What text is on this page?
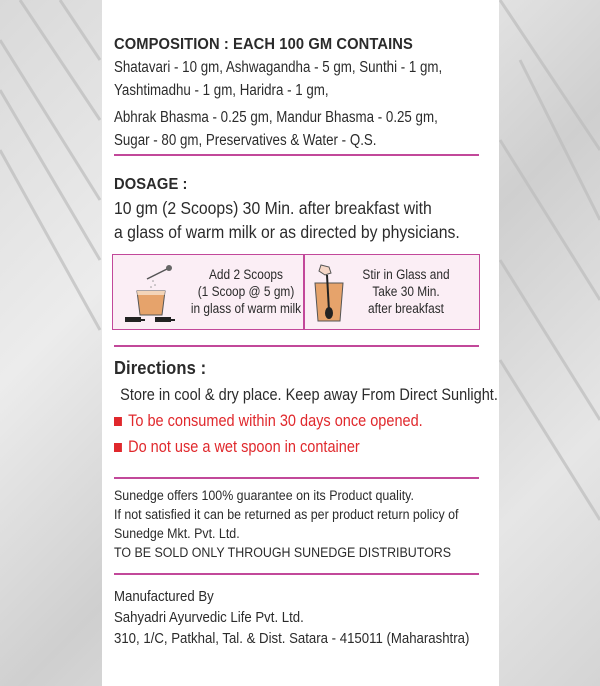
COMPOSITION : EACH 100 GM CONTAINS
Shatavari - 10 gm, Ashwagandha - 5 gm, Sunthi - 1 gm,
Yashtimadhu - 1 gm, Haridra - 1 gm,
Abhrak Bhasma - 0.25 gm, Mandur Bhasma - 0.25 gm,
Sugar - 80 gm, Preservatives & Water - Q.S.
DOSAGE :
10 gm (2 Scoops) 30 Min. after breakfast with
a glass of warm milk or as directed by physicians.
Add 2 Scoops
(1 Scoop @ 5 gm)
in glass of warm milk
Stir in Glass and
Take 30 Min.
after breakfast
Directions :
Store in cool & dry place. Keep away From Direct Sunlight.
To be consumed within 30 days once opened.
Do not use a wet spoon in container
Sunedge offers 100% guarantee on its Product quality.
If not satisfied it can be returned as per product return policy of
Sunedge Mkt. Pvt. Ltd.
TO BE SOLD ONLY THROUGH SUNEDGE DISTRIBUTORS
Manufactured By
Sahyadri Ayurvedic Life Pvt. Ltd.
310, 1/C, Patkhal, Tal. & Dist. Satara - 415011 (Maharashtra)
